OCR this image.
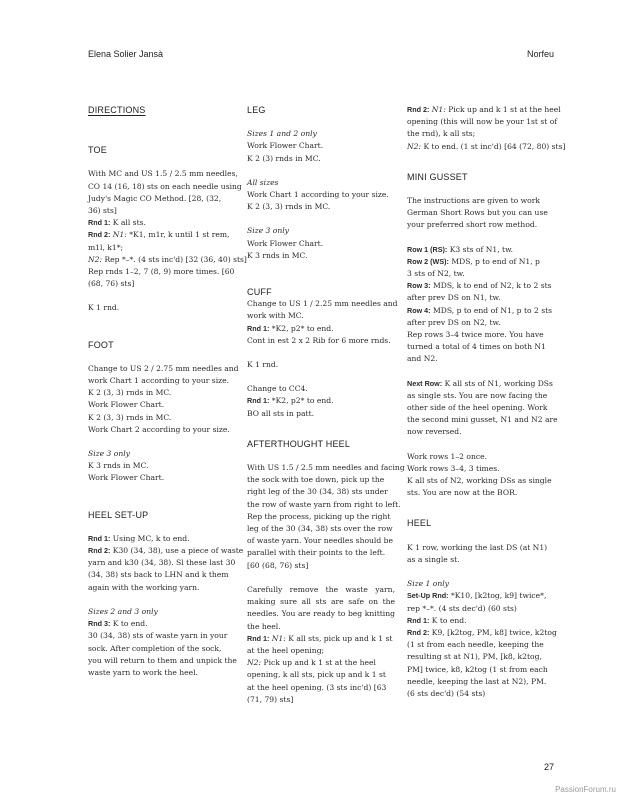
Elena Solier Jansà	Norfeu
DIRECTIONS
TOE
With MC and US 1.5 / 2.5 mm needles,
CO 14 (16, 18) sts on each needle using
Judy's Magic CO Method. [28, (32,
36) sts]
Rnd 1: K all sts.
Rnd 2: N1: *K1, m1r, k until 1 st rem,
m1l, k1*;
N2: Rep *–*. (4 sts inc'd) [32 (36, 40) sts]
Rep rnds 1–2, 7 (8, 9) more times. [60
(68, 76) sts]
K 1 rnd.
FOOT
Change to US 2 / 2.75 mm needles and
work Chart 1 according to your size.
K 2 (3, 3) rnds in MC.
Work Flower Chart.
K 2 (3, 3) rnds in MC.
Work Chart 2 according to your size.
Size 3 only
K 3 rnds in MC.
Work Flower Chart.
HEEL SET-UP
Rnd 1: Using MC, k to end.
Rnd 2: K30 (34, 38), use a piece of waste
yarn and k30 (34, 38). Sl these last 30
(34, 38) sts back to LHN and k them
again with the working yarn.
Sizes 2 and 3 only
Rnd 3: K to end.
30 (34, 38) sts of waste yarn in your
sock. After completion of the sock,
you will return to them and unpick the
waste yarn to work the heel.
LEG
Sizes 1 and 2 only
Work Flower Chart.
K 2 (3) rnds in MC.
All sizes
Work Chart 1 according to your size.
K 2 (3, 3) rnds in MC.
Size 3 only
Work Flower Chart.
K 3 rnds in MC.
CUFF
Change to US 1 / 2.25 mm needles and
work with MC.
Rnd 1: *K2, p2* to end.
Cont in est 2 x 2 Rib for 6 more rnds.
K 1 rnd.
Change to CC4.
Rnd 1: *K2, p2* to end.
BO all sts in patt.
AFTERTHOUGHT HEEL
With US 1.5 / 2.5 mm needles and facing
the sock with toe down, pick up the
right leg of the 30 (34, 38) sts under
the row of waste yarn from right to left.
Rep the process, picking up the right
leg of the 30 (34, 38) sts over the row
of waste yarn. Your needles should be
parallel with their points to the left.
[60 (68, 76) sts]
Carefully remove the waste yarn,
making sure all sts are safe on the
needles. You are ready to beg knitting
the heel.
Rnd 1: N1: K all sts, pick up and k 1 st
at the heel opening;
N2: Pick up and k 1 st at the heel
opening, k all sts, pick up and k 1 st
at the heel opening. (3 sts inc'd) [63
(71, 79) sts]
Rnd 2: N1: Pick up and k 1 st at the heel
opening (this will now be your 1st st of
the rnd), k all sts;
N2: K to end. (1 st inc'd) [64 (72, 80) sts]
MINI GUSSET
The instructions are given to work
German Short Rows but you can use
your preferred short row method.
Row 1 (RS): K3 sts of N1, tw.
Row 2 (WS): MDS, p to end of N1, p
3 sts of N2, tw.
Row 3: MDS, k to end of N2, k to 2 sts
after prev DS on N1, tw.
Row 4: MDS, p to end of N1, p to 2 sts
after prev DS on N2, tw.
Rep rows 3–4 twice more. You have
turned a total of 4 times on both N1
and N2.
Next Row: K all sts of N1, working DSs
as single sts. You are now facing the
other side of the heel opening. Work
the second mini gusset, N1 and N2 are
now reversed.
Work rows 1–2 once.
Work rows 3–4, 3 times.
K all sts of N2, working DSs as single
sts. You are now at the BOR.
HEEL
K 1 row, working the last DS (at N1)
as a single st.
Size 1 only
Set-Up Rnd: *K10, [k2tog, k9] twice*,
rep *–*. (4 sts dec'd) (60 sts)
Rnd 1: K to end.
Rnd 2: K9, [k2tog, PM, k8] twice, k2tog
(1 st from each needle, keeping the
resulting st at N1), PM, [k8, k2tog,
PM] twice, k8, k2tog (1 st from each
needle, keeping the last at N2), PM.
(6 sts dec'd) (54 sts)
27
PassionForum.ru
